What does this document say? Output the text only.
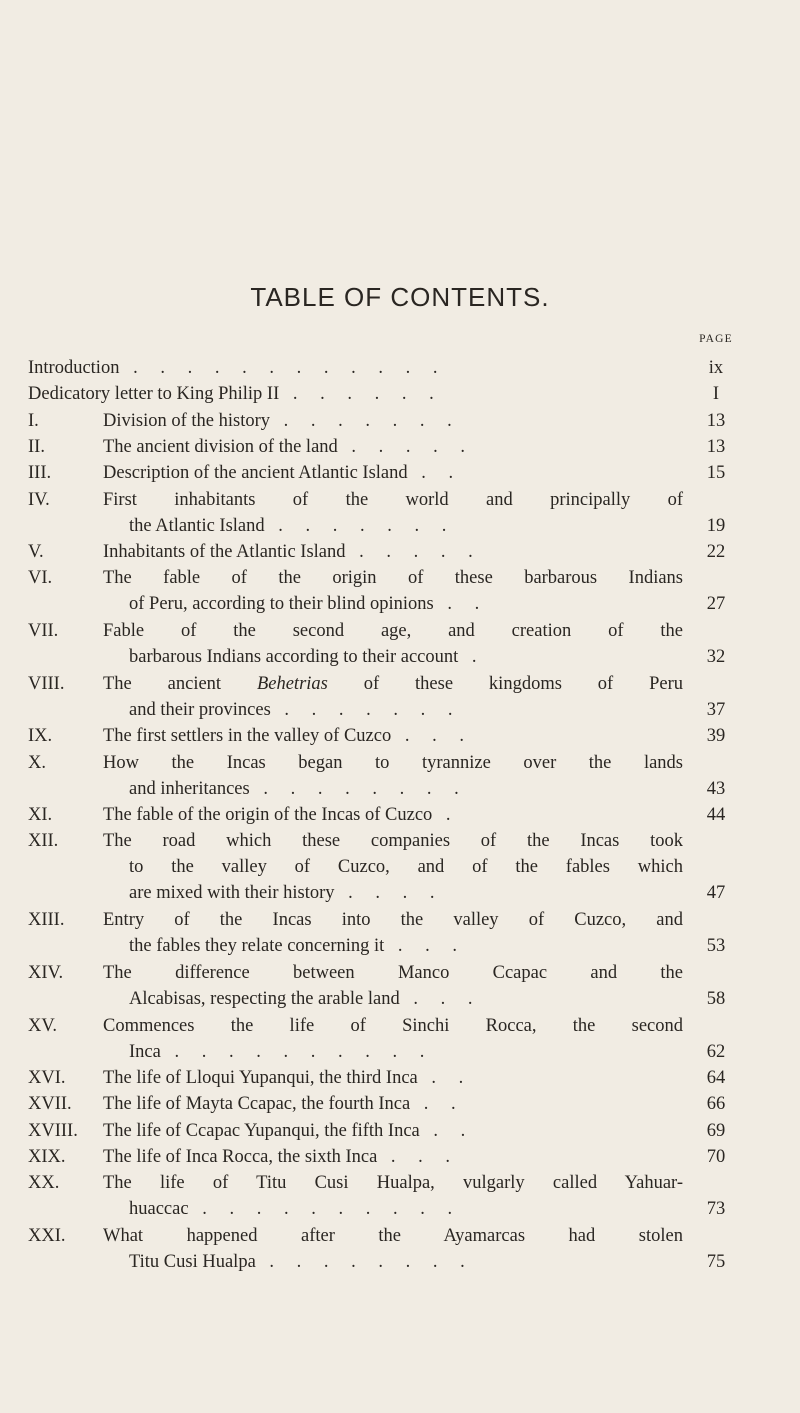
TABLE OF CONTENTS.
PAGE
Introduction . . . . . . . . . . . .	ix
Dedicatory letter to King Philip II . . . . . .	I
I.	Division of the history . . . . . . .	13
II.	The ancient division of the land . . . . .	13
III.	Description of the ancient Atlantic Island . .	15
IV.	First inhabitants of the world and principally of
the Atlantic Island . . . . . . .	19
V.	Inhabitants of the Atlantic Island . . . . .	22
VI.	The fable of the origin of these barbarous Indians
of Peru, according to their blind opinions . .	27
VII.	Fable of the second age, and creation of the
barbarous Indians according to their account .	32
VIII.	The ancient Behetrias of these kingdoms of Peru
and their provinces . . . . . . .	37
IX.	The first settlers in the valley of Cuzco . . .	39
X.	How the Incas began to tyrannize over the lands
and inheritances . . . . . . . .	43
XI.	The fable of the origin of the Incas of Cuzco .	44
XII.	The road which these companies of the Incas took
to the valley of Cuzco, and of the fables which
are mixed with their history . . . .	47
XIII.	Entry of the Incas into the valley of Cuzco, and
the fables they relate concerning it . . .	53
XIV.	The difference between Manco Ccapac and the
Alcabisas, respecting the arable land . . .	58
XV.	Commences the life of Sinchi Rocca, the second
Inca . . . . . . . . . .	62
XVI.	The life of Lloqui Yupanqui, the third Inca . .	64
XVII.	The life of Mayta Ccapac, the fourth Inca . .	66
XVIII.	The life of Ccapac Yupanqui, the fifth Inca . .	69
XIX.	The life of Inca Rocca, the sixth Inca . . .	70
XX.	The life of Titu Cusi Hualpa, vulgarly called Yahuar-
huaccac . . . . . . . . . .	73
XXI.	What happened after the Ayamarcas had stolen
Titu Cusi Hualpa . . . . . . . .	75
